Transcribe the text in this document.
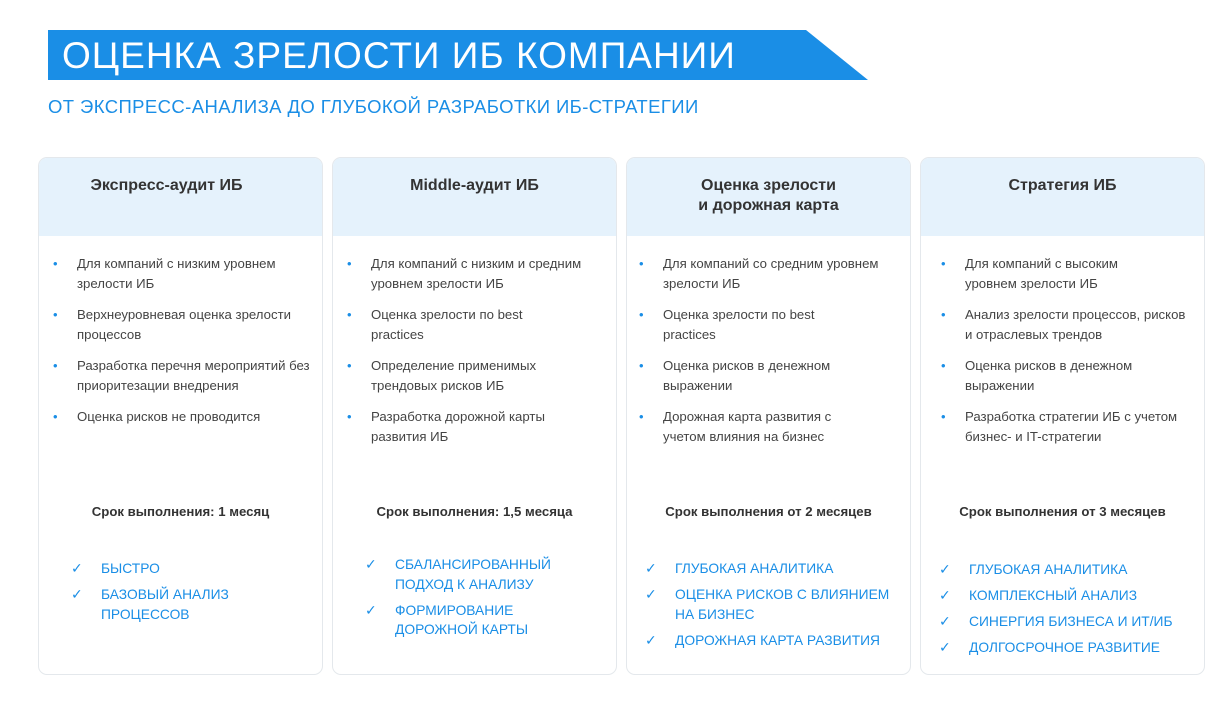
ОЦЕНКА ЗРЕЛОСТИ ИБ КОМПАНИИ
ОТ ЭКСПРЕСС-АНАЛИЗА ДО ГЛУБОКОЙ РАЗРАБОТКИ ИБ-СТРАТЕГИИ
Экспресс-аудит ИБ
• Для компаний с низким уровнем зрелости ИБ
• Верхнеуровневая оценка зрелости процессов
• Разработка перечня мероприятий без приоритезации внедрения
• Оценка рисков не проводится
Срок выполнения: 1 месяц
✓ БЫСТРО
✓ БАЗОВЫЙ АНАЛИЗ ПРОЦЕССОВ
Middle-аудит ИБ
• Для компаний с низким и средним уровнем зрелости ИБ
• Оценка зрелости по best practices
• Определение применимых трендовых рисков ИБ
• Разработка дорожной карты развития ИБ
Срок выполнения: 1,5 месяца
✓ СБАЛАНСИРОВАННЫЙ ПОДХОД К АНАЛИЗУ
✓ ФОРМИРОВАНИЕ ДОРОЖНОЙ КАРТЫ
Оценка зрелости
и дорожная карта
• Для компаний со средним уровнем зрелости ИБ
• Оценка зрелости по best practices
• Оценка рисков в денежном выражении
• Дорожная карта развития с учетом влияния на бизнес
Срок выполнения от 2 месяцев
✓ ГЛУБОКАЯ АНАЛИТИКА
✓ ОЦЕНКА РИСКОВ С ВЛИЯНИЕМ НА БИЗНЕС
✓ ДОРОЖНАЯ КАРТА РАЗВИТИЯ
Стратегия ИБ
• Для компаний с высоким уровнем зрелости ИБ
• Анализ зрелости процессов, рисков и отраслевых трендов
• Оценка рисков в денежном выражении
• Разработка стратегии ИБ с учетом бизнес- и IT-стратегии
Срок выполнения от 3 месяцев
✓ ГЛУБОКАЯ АНАЛИТИКА
✓ КОМПЛЕКСНЫЙ АНАЛИЗ
✓ СИНЕРГИЯ БИЗНЕСА И ИТ/ИБ
✓ ДОЛГОСРОЧНОЕ РАЗВИТИЕ
